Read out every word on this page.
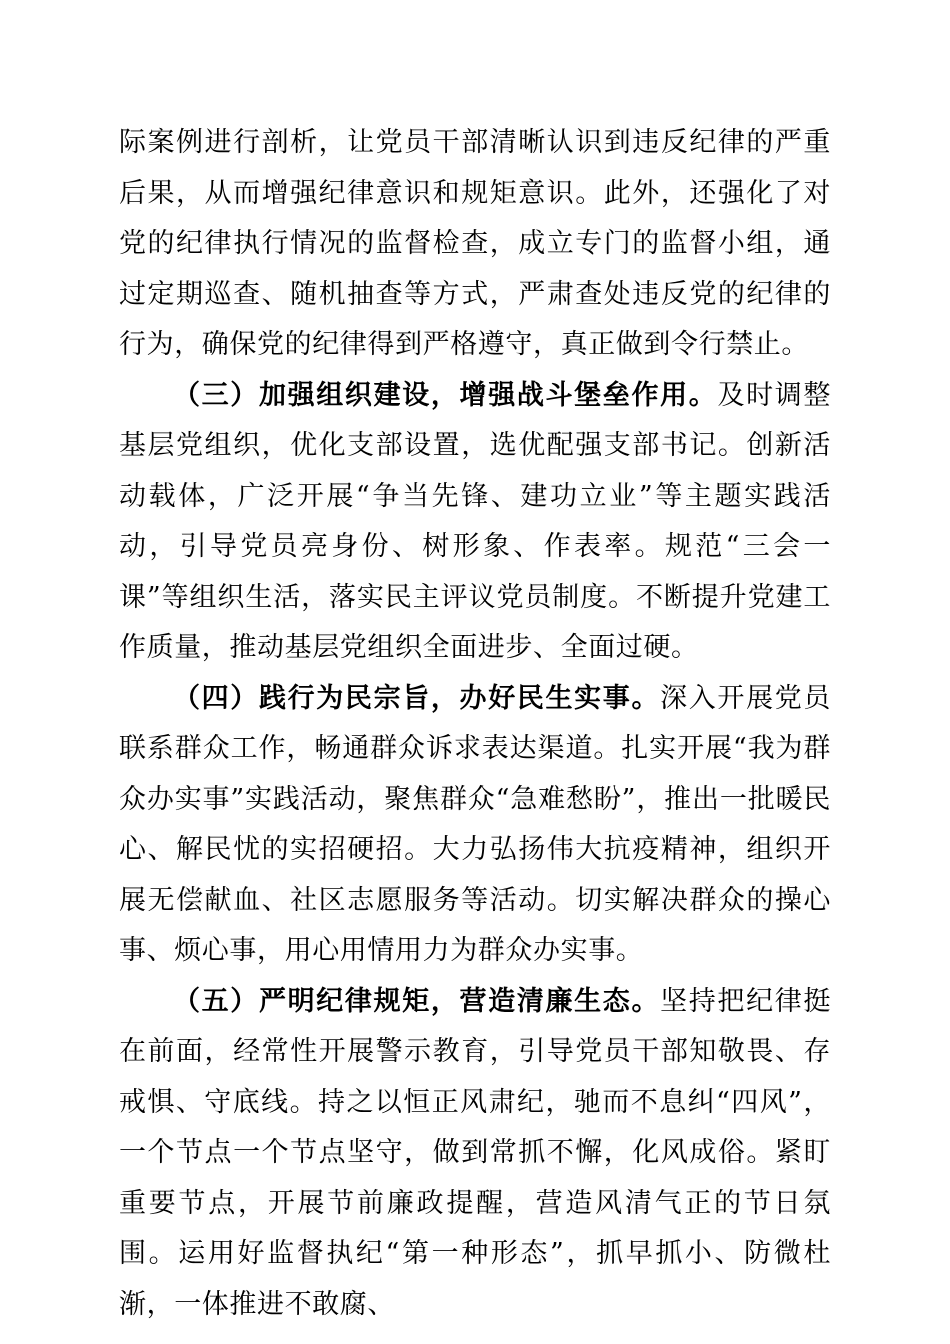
际案例进行剖析，让党员干部清晰认识到违反纪律的严重后果，从而增强纪律意识和规矩意识。此外，还强化了对党的纪律执行情况的监督检查，成立专门的监督小组，通过定期巡查、随机抽查等方式，严肃查处违反党的纪律的行为，确保党的纪律得到严格遵守，真正做到令行禁止。

（三）加强组织建设，增强战斗堡垒作用。及时调整基层党组织，优化支部设置，选优配强支部书记。创新活动载体，广泛开展“争当先锋、建功立业”等主题实践活动，引导党员亮身份、树形象、作表率。规范“三会一课”等组织生活，落实民主评议党员制度。不断提升党建工作质量，推动基层党组织全面进步、全面过硬。

（四）践行为民宗旨，办好民生实事。深入开展党员联系群众工作，畅通群众诉求表达渠道。扎实开展“我为群众办实事”实践活动，聚焦群众“急难愁盼”，推出一批暖民心、解民忧的实招硬招。大力弘扬伟大抗疫精神，组织开展无偿献血、社区志愿服务等活动。切实解决群众的操心事、烦心事，用心用情用力为群众办实事。

（五）严明纪律规矩，营造清廉生态。坚持把纪律挺在前面，经常性开展警示教育，引导党员干部知敬畏、存戒惧、守底线。持之以恒正风肃纪，驰而不息纠“四风”，一个节点一个节点坚守，做到常抓不懈，化风成俗。紧盯重要节点，开展节前廉政提醒，营造风清气正的节日氛围。运用好监督执纪“第一种形态”，抓早抓小、防微杜渐，一体推进不敢腐、
